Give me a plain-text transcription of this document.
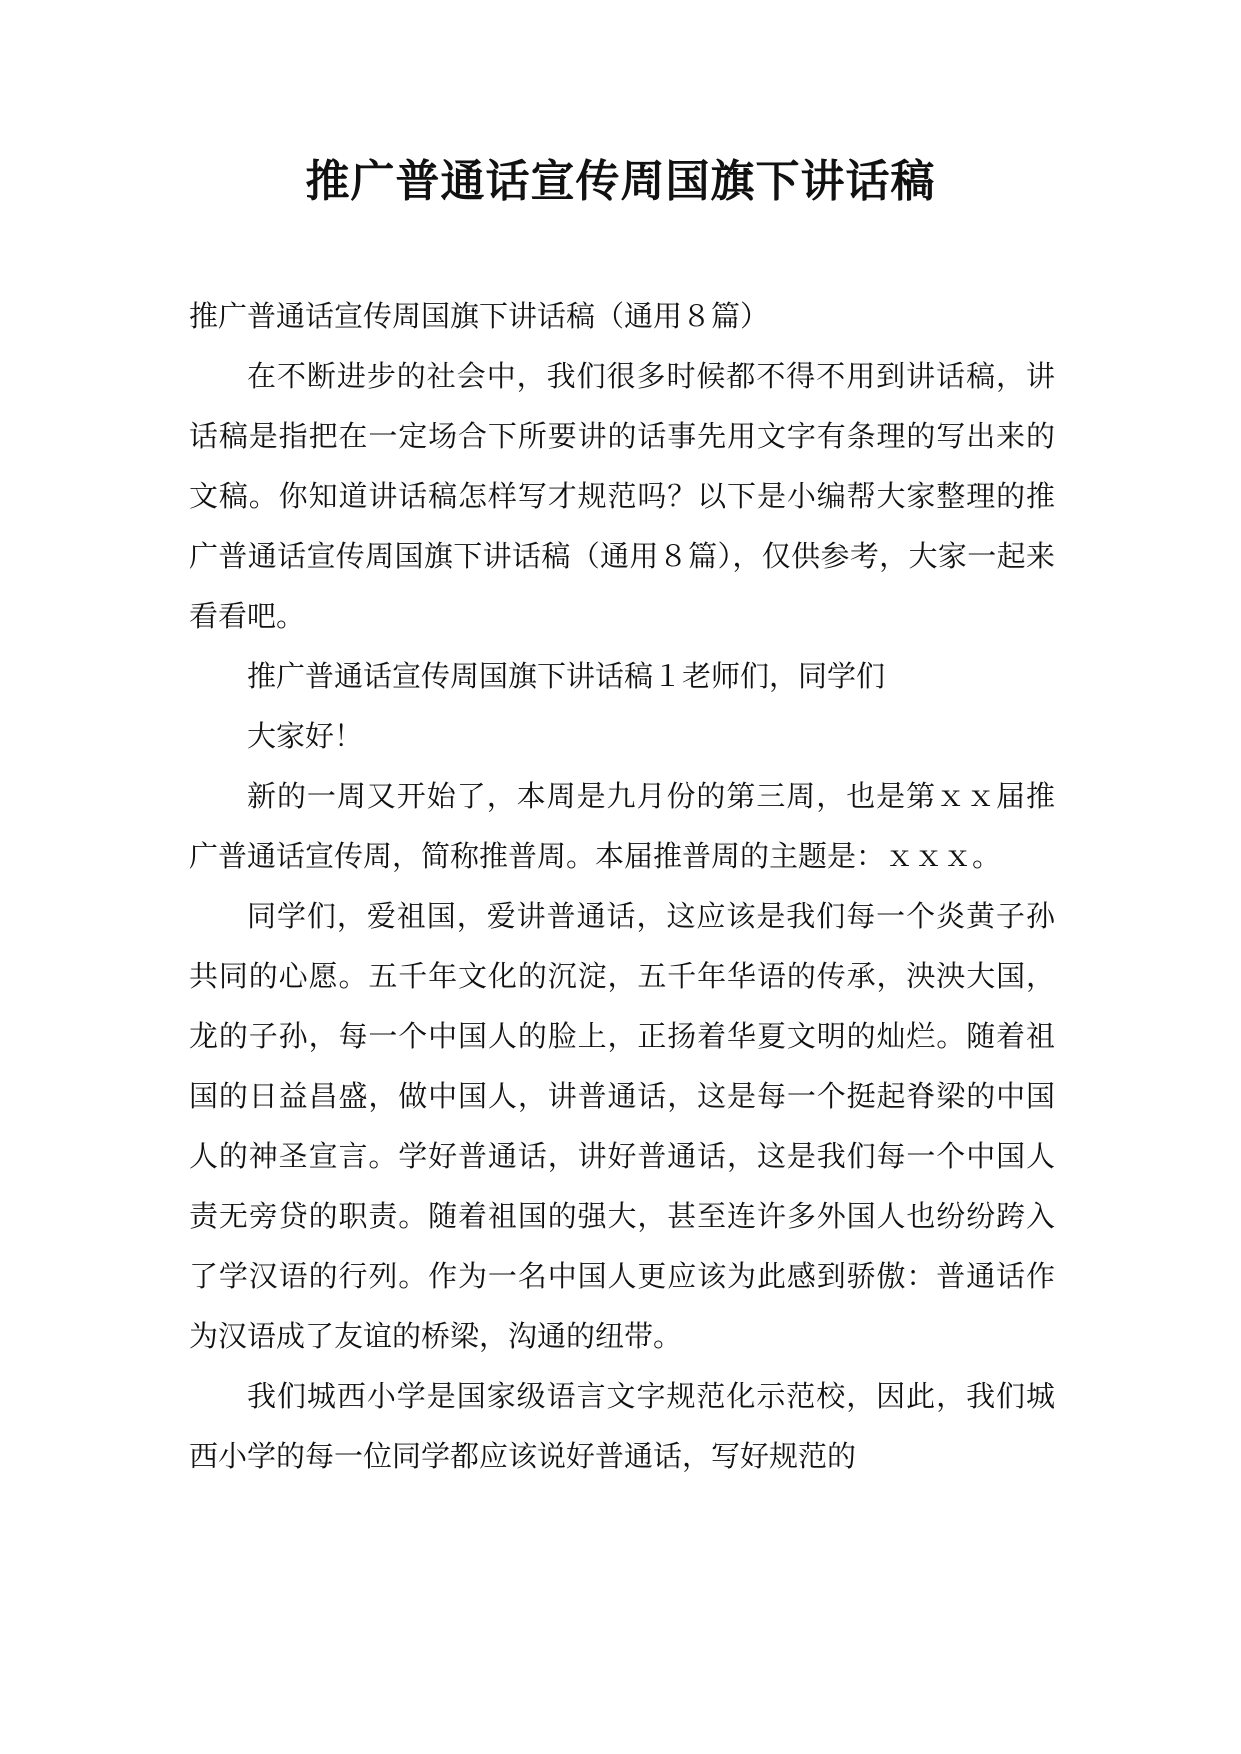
推广普通话宣传周国旗下讲话稿

推广普通话宣传周国旗下讲话稿（通用８篇）

在不断进步的社会中，我们很多时候都不得不用到讲话稿，讲话稿是指把在一定场合下所要讲的话事先用文字有条理的写出来的文稿。你知道讲话稿怎样写才规范吗？以下是小编帮大家整理的推广普通话宣传周国旗下讲话稿（通用８篇），仅供参考，大家一起来看看吧。

推广普通话宣传周国旗下讲话稿１老师们，同学们

大家好！

新的一周又开始了，本周是九月份的第三周，也是第ｘｘ届推广普通话宣传周，简称推普周。本届推普周的主题是：ｘｘｘ。

同学们，爱祖国，爱讲普通话，这应该是我们每一个炎黄子孙共同的心愿。五千年文化的沉淀，五千年华语的传承，泱泱大国，龙的子孙，每一个中国人的脸上，正扬着华夏文明的灿烂。随着祖国的日益昌盛，做中国人，讲普通话，这是每一个挺起脊梁的中国人的神圣宣言。学好普通话，讲好普通话，这是我们每一个中国人责无旁贷的职责。随着祖国的强大，甚至连许多外国人也纷纷跨入了学汉语的行列。作为一名中国人更应该为此感到骄傲：普通话作为汉语成了友谊的桥梁，沟通的纽带。

我们城西小学是国家级语言文字规范化示范校，因此，我们城西小学的每一位同学都应该说好普通话，写好规范的
